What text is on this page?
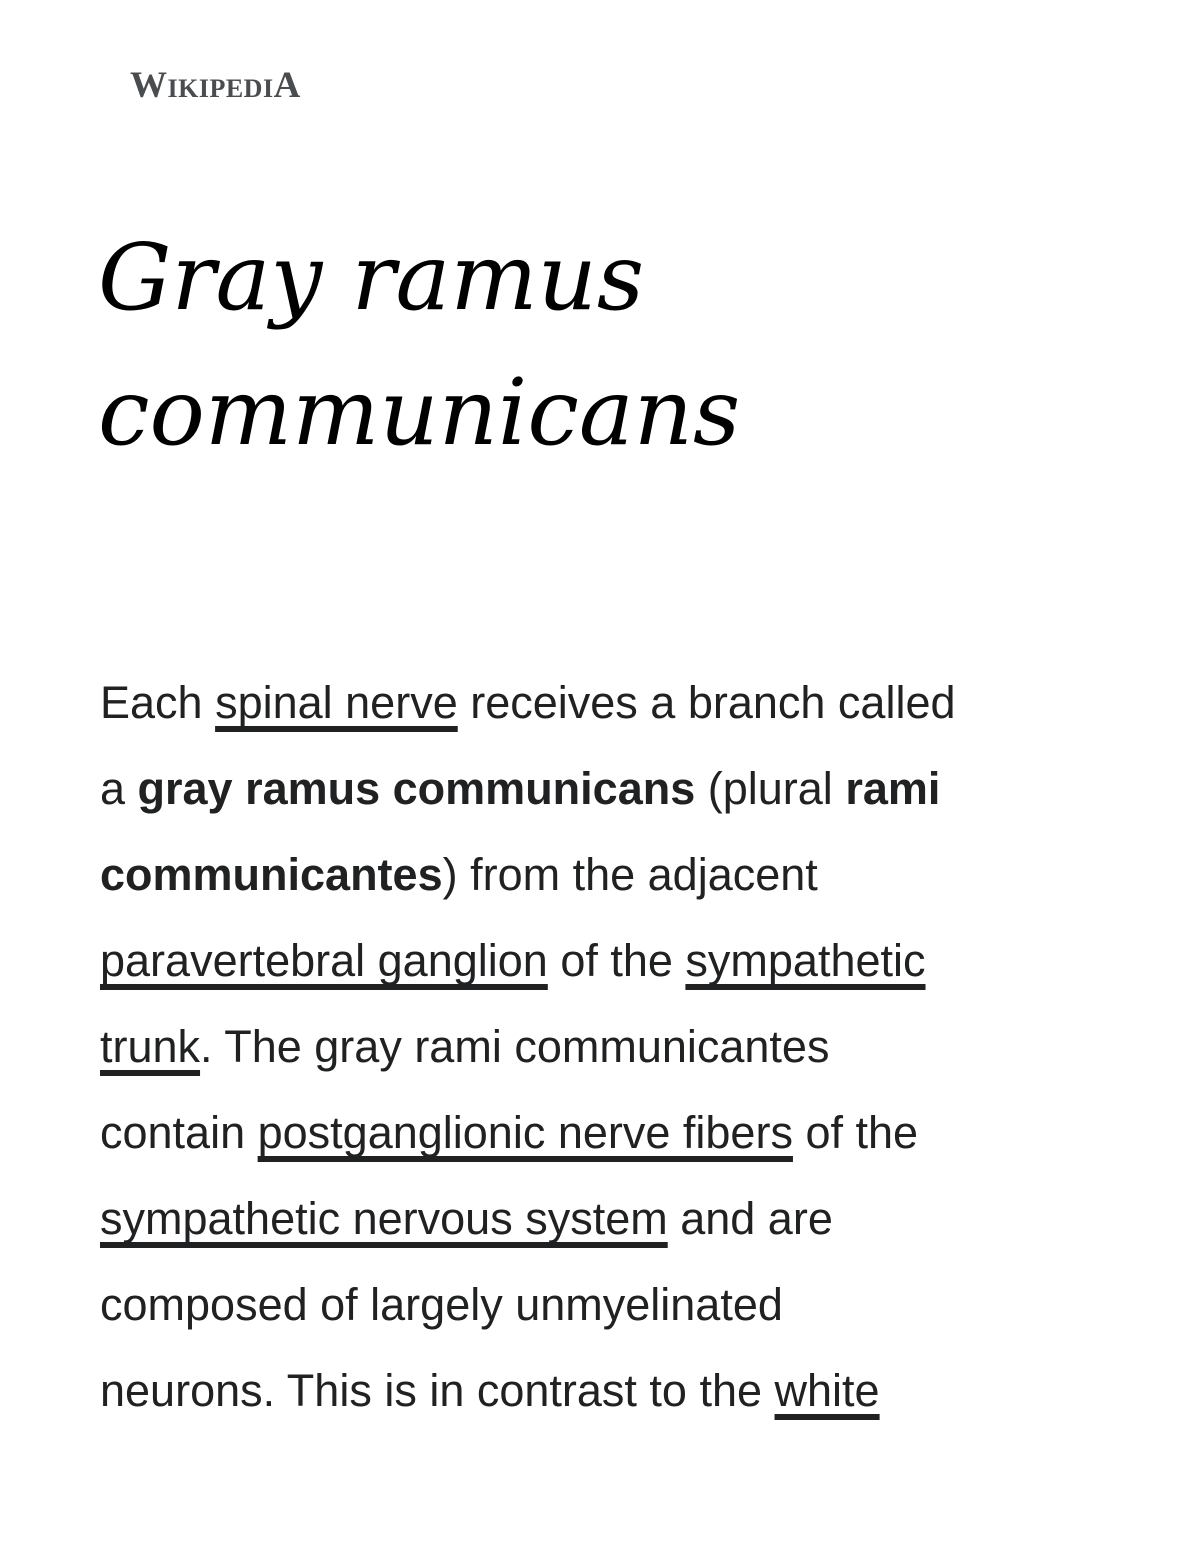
WikipediA
Gray ramus
communicans

Each spinal nerve receives a branch called
a gray ramus communicans (plural rami
communicantes) from the adjacent
paravertebral ganglion of the sympathetic
trunk. The gray rami communicantes
contain postganglionic nerve fibers of the
sympathetic nervous system and are
composed of largely unmyelinated
neurons. This is in contrast to the white
